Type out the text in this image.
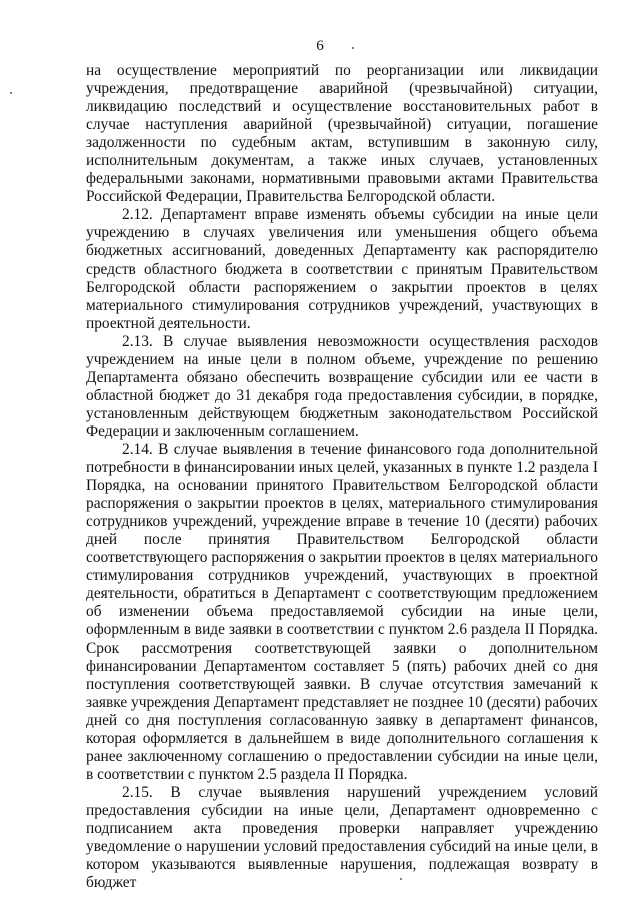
6

на осуществление мероприятий по реорганизации или ликвидации учреждения, предотвращение аварийной (чрезвычайной) ситуации, ликвидацию последствий и осуществление восстановительных работ в случае наступления аварийной (чрезвычайной) ситуации, погашение задолженности по судебным актам, вступившим в законную силу, исполнительным документам, а также иных случаев, установленных федеральными законами, нормативными правовыми актами Правительства Российской Федерации, Правительства Белгородской области.

2.12. Департамент вправе изменять объемы субсидии на иные цели учреждению в случаях увеличения или уменьшения общего объема бюджетных ассигнований, доведенных Департаменту как распорядителю средств областного бюджета в соответствии с принятым Правительством Белгородской области распоряжением о закрытии проектов в целях материального стимулирования сотрудников учреждений, участвующих в проектной деятельности.

2.13. В случае выявления невозможности осуществления расходов учреждением на иные цели в полном объеме, учреждение по решению Департамента обязано обеспечить возвращение субсидии или ее части в областной бюджет до 31 декабря года предоставления субсидии, в порядке, установленным действующем бюджетным законодательством Российской Федерации и заключенным соглашением.

2.14. В случае выявления в течение финансового года дополнительной потребности в финансировании иных целей, указанных в пункте 1.2 раздела I Порядка, на основании принятого Правительством Белгородской области распоряжения о закрытии проектов в целях, материального стимулирования сотрудников учреждений, учреждение вправе в течение 10 (десяти) рабочих дней после принятия Правительством Белгородской области соответствующего распоряжения о закрытии проектов в целях материального стимулирования сотрудников учреждений, участвующих в проектной деятельности, обратиться в Департамент с соответствующим предложением об изменении объема предоставляемой субсидии на иные цели, оформленным в виде заявки в соответствии с пунктом 2.6 раздела II Порядка. Срок рассмотрения соответствующей заявки о дополнительном финансировании Департаментом составляет 5 (пять) рабочих дней со дня поступления соответствующей заявки. В случае отсутствия замечаний к заявке учреждения Департамент представляет не позднее 10 (десяти) рабочих дней со дня поступления согласованную заявку в департамент финансов, которая оформляется в дальнейшем в виде дополнительного соглашения к ранее заключенному соглашению о предоставлении субсидии на иные цели, в соответствии с пунктом 2.5 раздела II Порядка.

2.15. В случае выявления нарушений учреждением условий предоставления субсидии на иные цели, Департамент одновременно с подписанием акта проведения проверки направляет учреждению уведомление о нарушении условий предоставления субсидий на иные цели, в котором указываются выявленные нарушения, подлежащая возврату в бюджет
